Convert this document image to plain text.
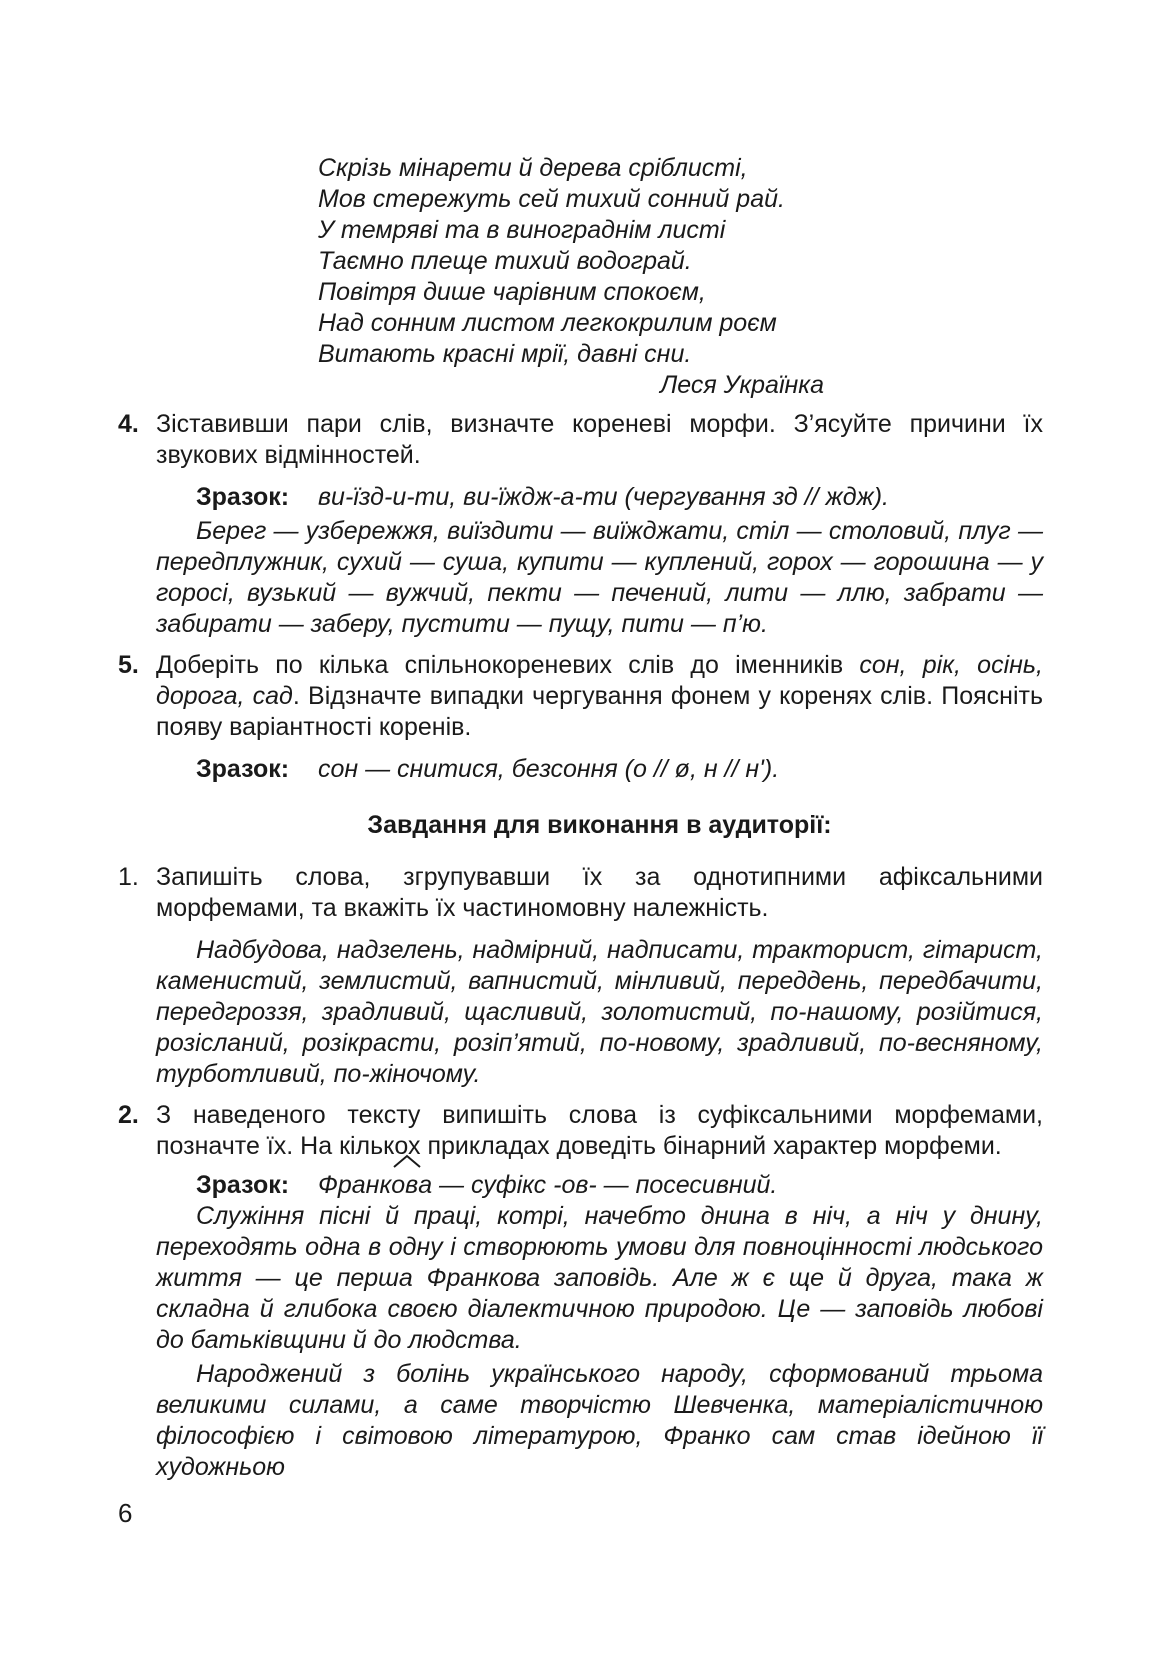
Скрізь мінарети й дерева сріблисті,
Мов стережуть сей тихий сонний рай.
У темряві та в винограднім листі
Таємно плеще тихий водограй.
Повітря дише чарівним спокоєм,
Над сонним листом легкокрилим роєм
Витають красні мрії, давні сни.
Леся Українка
4. Зіставивши пари слів, визначте кореневі морфи. З’ясуйте причини їх звукових відмінностей.
Зразок: ви-їзд-и-ти, ви-їждж-а-ти (чергування зд // ждж).
Берег — узбережжя, виїздити — виїжджати, стіл — столовий, плуг — передплужник, сухий — суша, купити — куплений, горох — горошина — у горосі, вузький — вужчий, пекти — печений, лити — ллю, забрати — забирати — заберу, пустити — пущу, пити — п’ю.
5. Доберіть по кілька спільнокореневих слів до іменників сон, рік, осінь, дорога, сад. Відзначте випадки чергування фонем у коренях слів. Поясніть появу варіантності коренів.
Зразок: сон — снитися, безсоння (о // ø, н // н').
Завдання для виконання в аудиторії:
1. Запишіть слова, згрупувавши їх за однотипними афіксальними морфемами, та вкажіть їх частиномовну належність.
Надбудова, надзелень, надмірний, надписати, тракторист, гітарист, каменистий, землистий, вапнистий, мінливий, переддень, передбачити, передгроззя, зрадливий, щасливий, золотистий, по-нашому, розійтися, розісланий, розікрасти, розіп’ятий, по-новому, зрадливий, по-весняному, турботливий, по-жіночому.
2. З наведеного тексту випишіть слова із суфіксальними морфемами, позначте їх. На кількох прикладах доведіть бінарний характер морфеми.
Зразок: Франк
ова — суфікс -ов- — посесивний.
Служіння пісні й праці, котрі, начебто днина в ніч, а ніч у днину, переходять одна в одну і створюють умови для повноцінності людського життя — це перша Франкова заповідь. Але ж є ще й друга, така ж складна й глибока своєю діалектичною природою. Це — заповідь любові до батьківщини й до людства.
Народжений з болінь українського народу, сформований трьома великими силами, а саме творчістю Шевченка, матеріалістичною філософією і світовою літературою, Франко сам став ідейною її художньою
6
